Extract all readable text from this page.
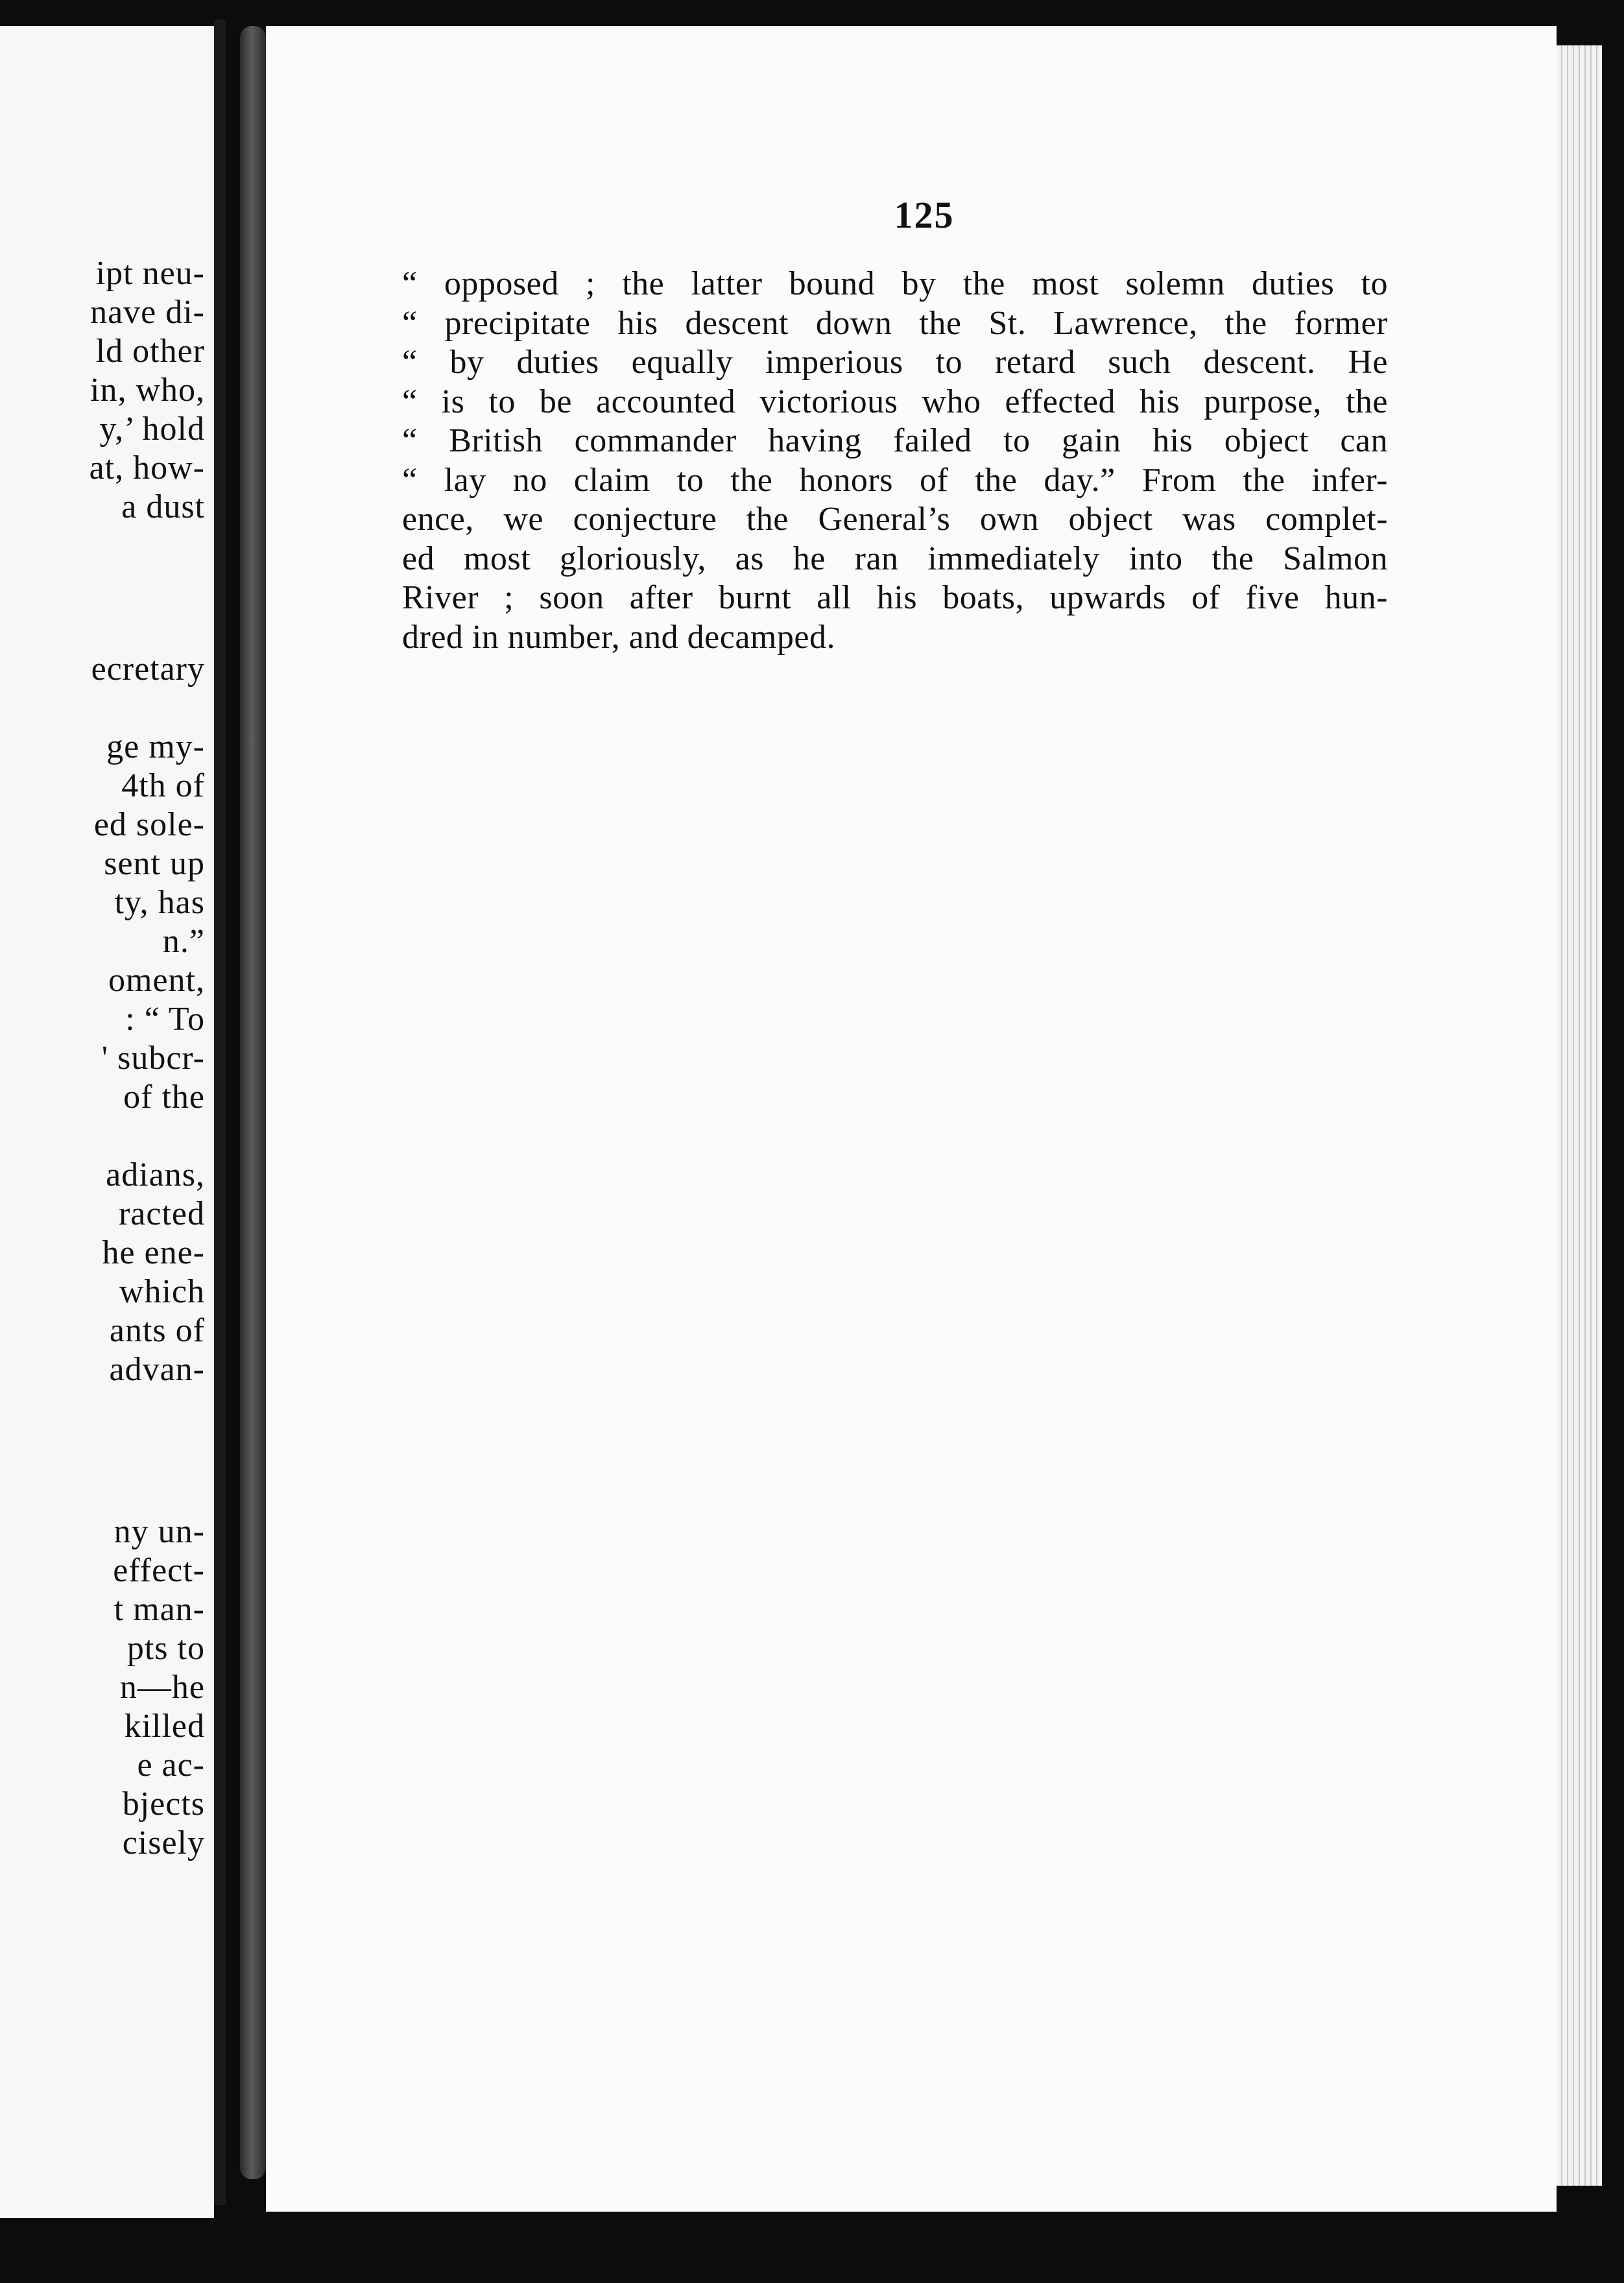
ipt neu-
nave di-
ld other
in, who,
y,’ hold
at, how-
a dust
ecretary
ge my-
4th of
ed sole-
sent up
ty, has
n.”
oment,
: “ To
' subcr-
of the
adians,
racted
he ene-
which
ants of
advan-
ny un-
effect-
t man-
pts to
n—he
killed
e ac-
bjects
cisely
125
“ opposed ; the latter bound by the most solemn duties to
“ precipitate his descent down the St. Lawrence, the former
“ by duties equally imperious to retard such descent. He
“ is to be accounted victorious who effected his purpose, the
“ British commander having failed to gain his object can
“ lay no claim to the honors of the day.” From the infer-
ence, we conjecture the General’s own object was complet-
ed most gloriously, as he ran immediately into the Salmon
River ; soon after burnt all his boats, upwards of five hun-
dred in number, and decamped.
